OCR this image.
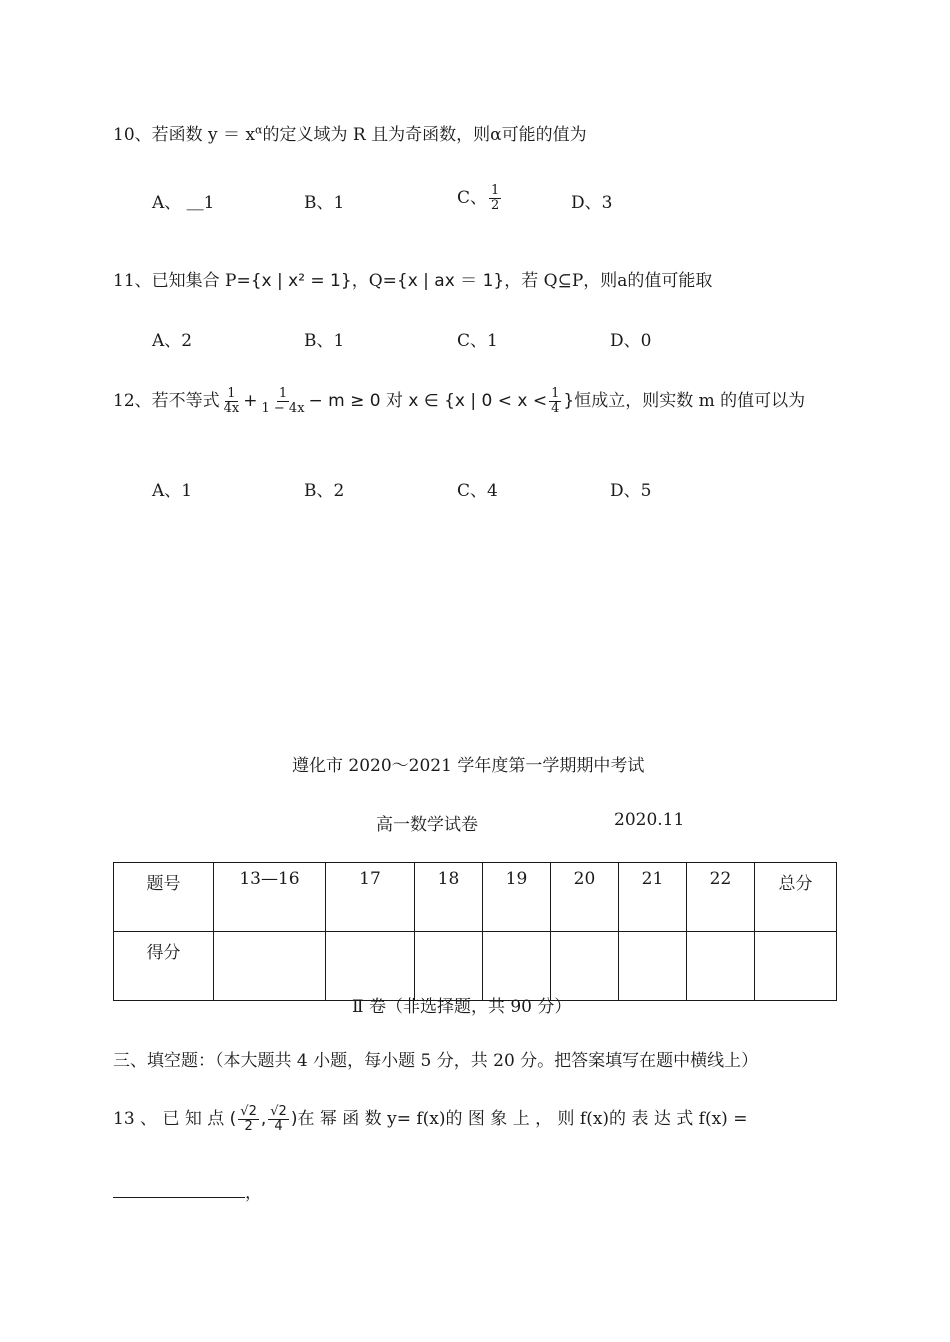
10、若函数 $y = x^\alpha$的定义域为 R 且为奇函数，则α可能的值为
A、 ＿1	B、1	C、 $\frac{1}{2}$	D、3
11、已知集合 P={x | x² = 1}，Q={x | ax ＝ 1}，若 Q⊆P，则a的值可能取
A、2	B、1	C、1	D、0
12、若不等式 $\frac{1}{4x} + \frac{1}{1 - 4x} - m \ge 0$ 对 x ∈ {x | $0 < x < \frac{1}{4}$ }恒成立，则实数 m 的值可以为
A、1	B、2	C、4	D、5
遵化市 2020～2021 学年度第一学期期中考试
高一数学试卷	2020.11
题号	13—16	17	18	19	20	21	22	总分
得分								
Ⅱ 卷（非选择题，共 90 分）
三、填空题：（本大题共 4 小题，每小题 5 分，共 20 分。把答案填写在题中横线上）
13 、 已 知 点 ( $\frac{√2}{2}$ , $\frac{√2}{4}$ )在 幂 函 数 y= f(x)的 图 象 上 ， 则 f(x)的 表 达 式 f(x) =
，
